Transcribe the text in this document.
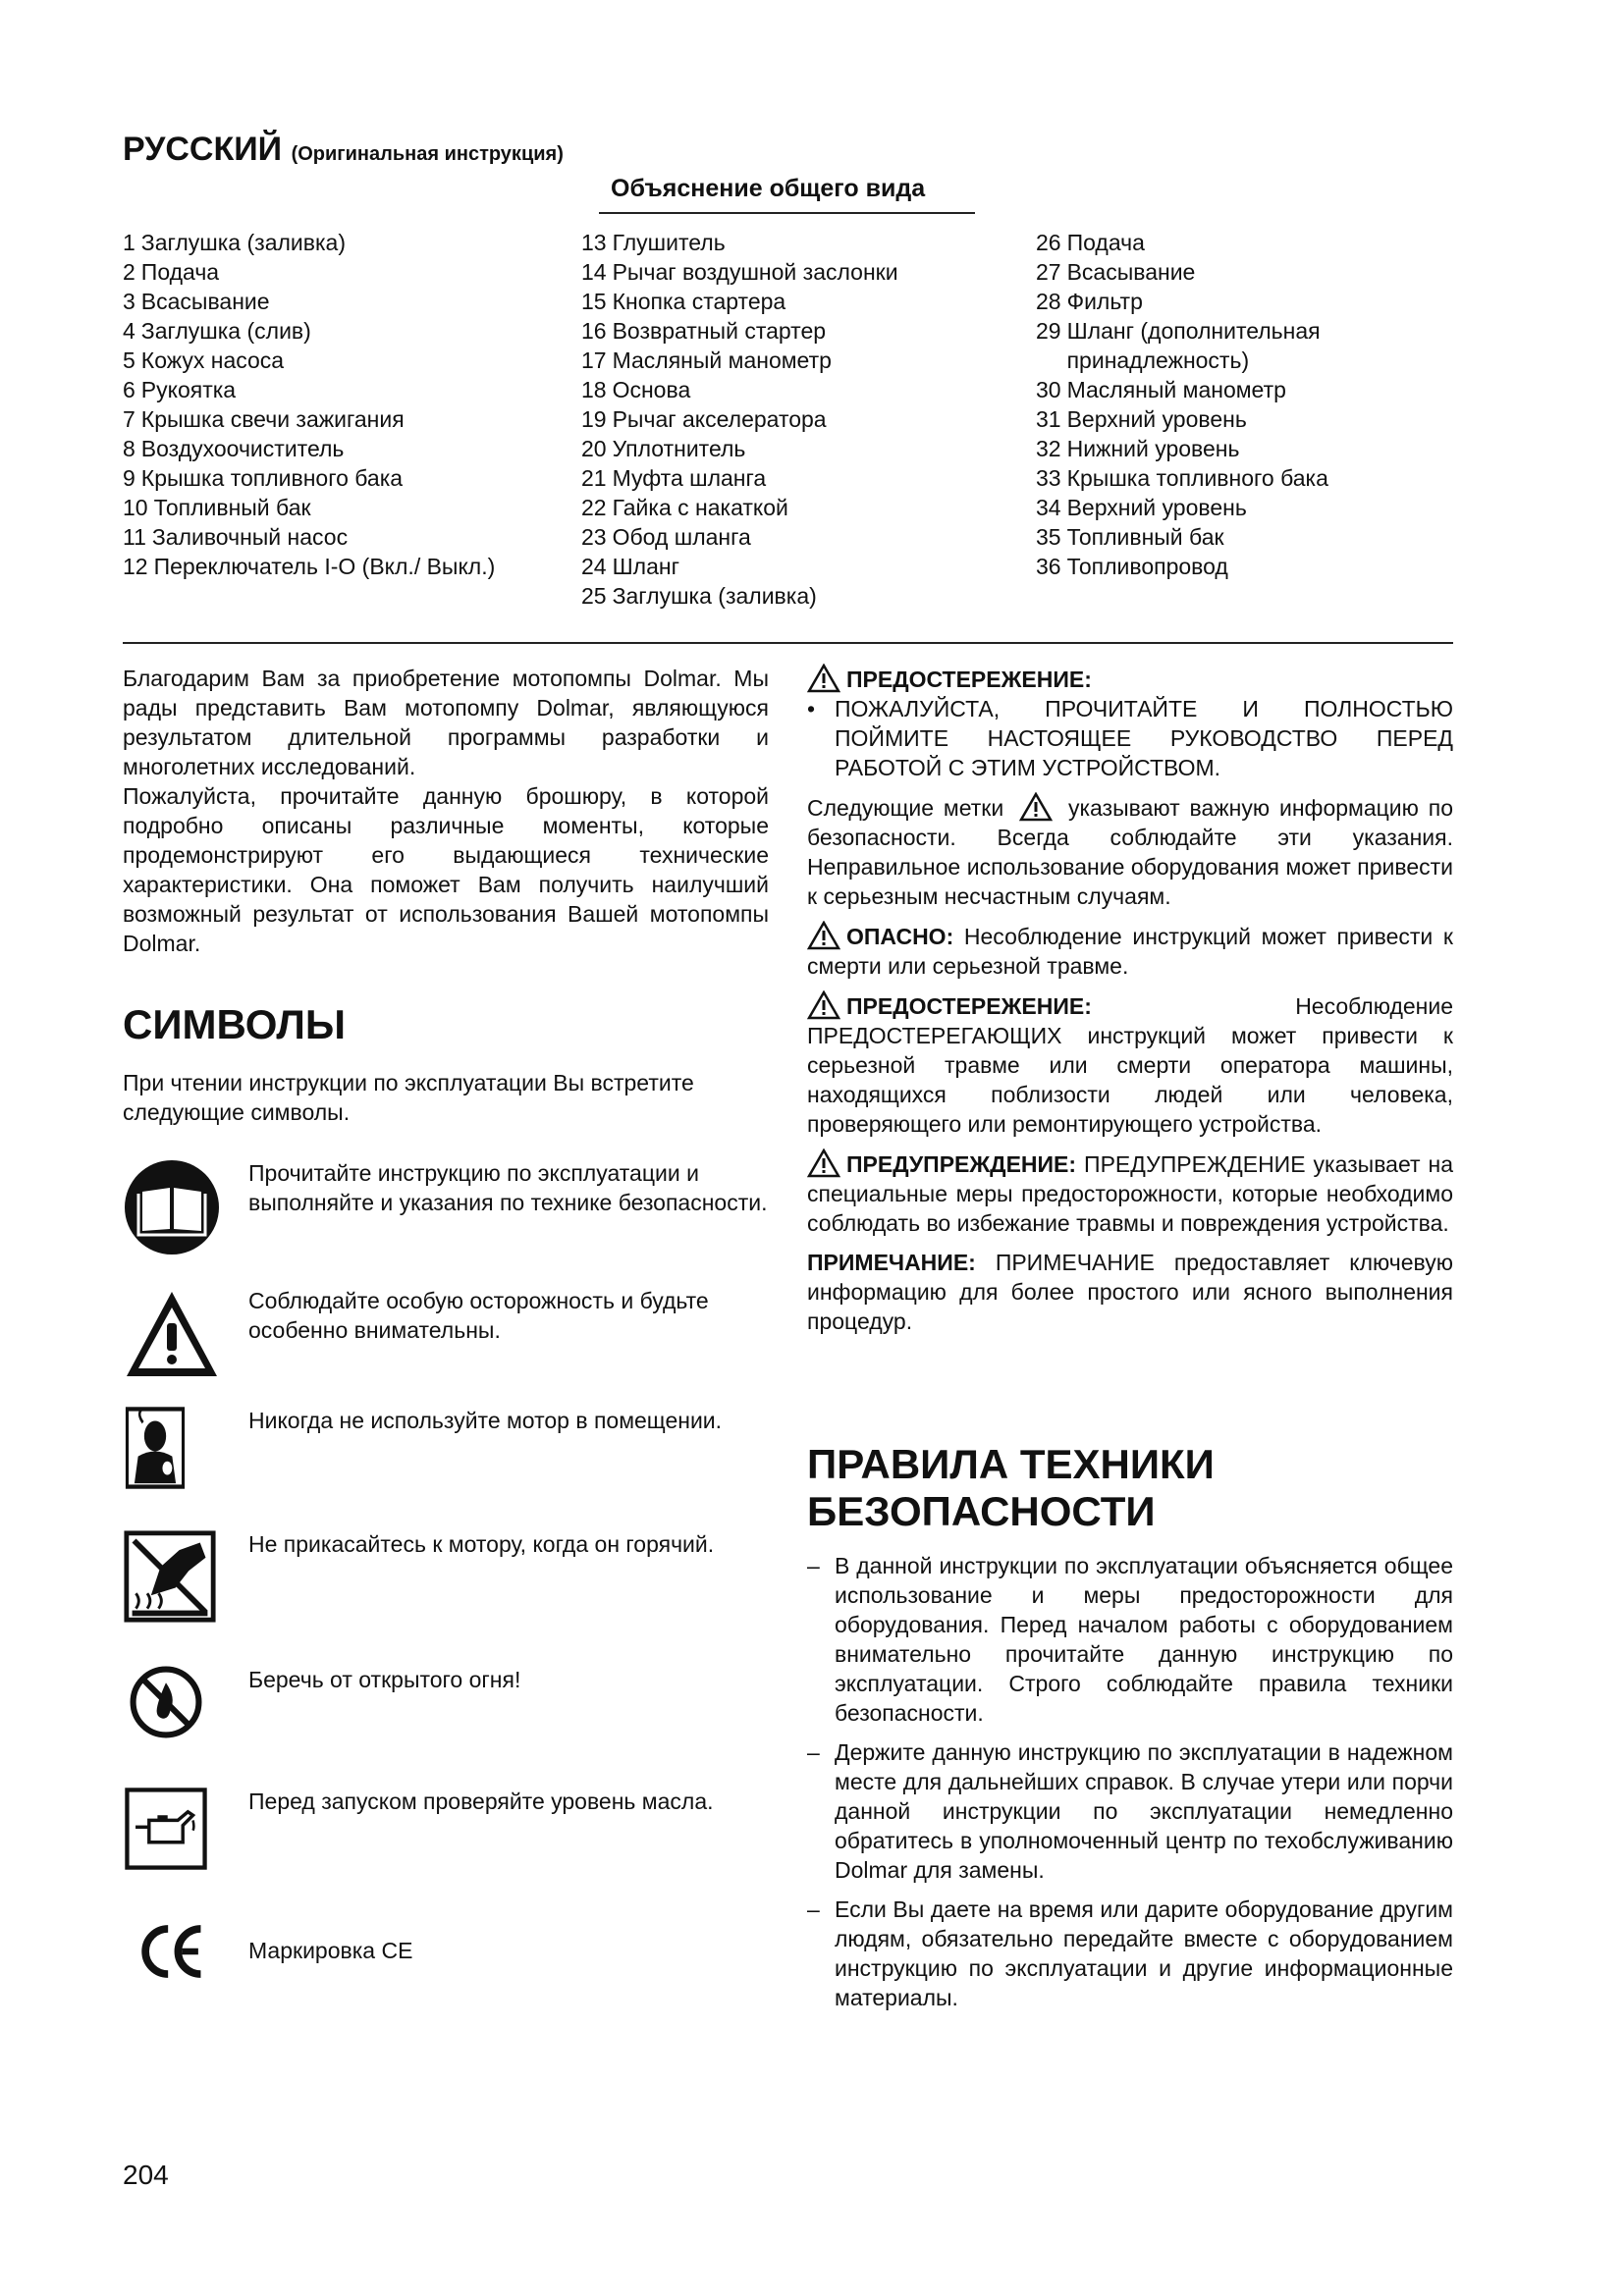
РУССКИЙ (Оригинальная инструкция)
Объяснение общего вида
1 Заглушка (заливка)
2 Подача
3 Всасывание
4 Заглушка (слив)
5 Кожух насоса
6 Рукоятка
7 Крышка свечи зажигания
8 Воздухоочиститель
9 Крышка топливного бака
10 Топливный бак
11 Заливочный насос
12 Переключатель I-O (Вкл./ Выкл.)
13 Глушитель
14 Рычаг воздушной заслонки
15 Кнопка стартера
16 Возвратный стартер
17 Масляный манометр
18 Основа
19 Рычаг акселератора
20 Уплотнитель
21 Муфта шланга
22 Гайка с накаткой
23 Обод шланга
24 Шланг
25 Заглушка (заливка)
26 Подача
27 Всасывание
28 Фильтр
29 Шланг (дополнительная принадлежность)
30 Масляный манометр
31 Верхний уровень
32 Нижний уровень
33 Крышка топливного бака
34 Верхний уровень
35 Топливный бак
36 Топливопровод
Благодарим Вам за приобретение мотопомпы Dolmar. Мы рады представить Вам мотопомпу Dolmar, являющуюся результатом длительной программы разработки и многолетних исследований.
Пожалуйста, прочитайте данную брошюру, в которой подробно описаны различные моменты, которые продемонстрируют его выдающиеся технические характеристики. Она поможет Вам получить наилучший возможный результат от использования Вашей мотопомпы Dolmar.
СИМВОЛЫ
При чтении инструкции по эксплуатации Вы встретите следующие символы.
Прочитайте инструкцию по эксплуатации и выполняйте и указания по технике безопасности.
Соблюдайте особую осторожность и будьте особенно внимательны.
Никогда не используйте мотор в помещении.
Не прикасайтесь к мотору, когда он горячий.
Беречь от открытого огня!
Перед запуском проверяйте уровень масла.
Маркировка CE
ПРЕДОСТЕРЕЖЕНИЕ:
• ПОЖАЛУЙСТА, ПРОЧИТАЙТЕ И ПОЛНОСТЬЮ ПОЙМИТЕ НАСТОЯЩЕЕ РУКОВОДСТВО ПЕРЕД РАБОТОЙ С ЭТИМ УСТРОЙСТВОМ.
Следующие метки	указывают важную информацию по безопасности. Всегда соблюдайте эти указания. Неправильное использование оборудования может привести к серьезным несчастным случаям.
ОПАСНО: Несоблюдение инструкций может привести к смерти или серьезной травме.
ПРЕДОСТЕРЕЖЕНИЕ:	Несоблюдение ПРЕДОСТЕРЕГАЮЩИХ инструкций может привести к серьезной травме или смерти оператора машины, находящихся поблизости людей или человека, проверяющего или ремонтирующего устройства.
ПРЕДУПРЕЖДЕНИЕ: ПРЕДУПРЕЖДЕНИЕ указывает на специальные меры предосторожности, которые необходимо соблюдать во избежание травмы и повреждения устройства.
ПРИМЕЧАНИЕ: ПРИМЕЧАНИЕ предоставляет ключевую информацию для более простого или ясного выполнения процедур.
ПРАВИЛА ТЕХНИКИ БЕЗОПАСНОСТИ
– В данной инструкции по эксплуатации объясняется общее использование и меры предосторожности для оборудования. Перед началом работы с оборудованием внимательно прочитайте данную инструкцию по эксплуатации. Строго соблюдайте правила техники безопасности.
– Держите данную инструкцию по эксплуатации в надежном месте для дальнейших справок. В случае утери или порчи данной инструкции по эксплуатации немедленно обратитесь в уполномоченный центр по техобслуживанию Dolmar для замены.
– Если Вы даете на время или дарите оборудование другим людям, обязательно передайте вместе с оборудованием инструкцию по эксплуатации и другие информационные материалы.
204
